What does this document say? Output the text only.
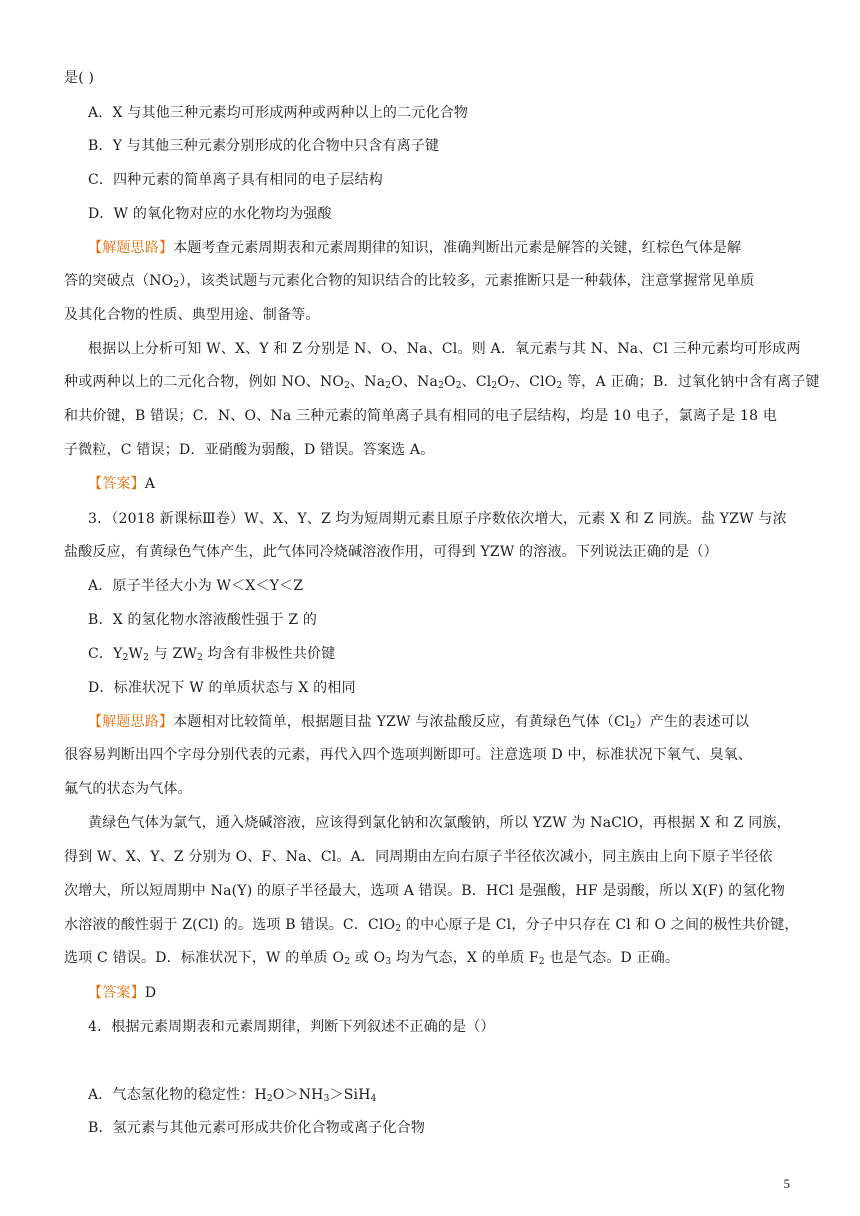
是( )
A．X 与其他三种元素均可形成两种或两种以上的二元化合物
B．Y 与其他三种元素分别形成的化合物中只含有离子键
C．四种元素的简单离子具有相同的电子层结构
D．W 的氧化物对应的水化物均为强酸
【解题思路】本题考查元素周期表和元素周期律的知识，准确判断出元素是解答的关键，红棕色气体是解
答的突破点$(NO_2)$，该类试题与元素化合物的知识结合的比较多，元素推断只是一种载体，注意掌握常见单质
及其化合物的性质、典型用途、制备等。
根据以上分析可知 W、X、Y 和 Z 分别是 N、O、Na、Cl。则 A．氧元素与其 N、Na、Cl 三种元素均可形成两
种或两种以上的二元化合物，例如 NO、$NO_2$、$Na_2O$、$Na_2O_2$、$Cl_2O_7$、ClO$_2$ 等，A 正确；B．过氧化钠中含有离子键
和共价键，B 错误；C．N、O、Na 三种元素的简单离子具有相同的电子层结构，均是 10 电子，氯离子是 18 电
子微粒，C 错误；D．亚硝酸为弱酸，D 错误。答案选 A。
【答案】A
3．（2018 新课标Ⅲ卷）W、X、Y、Z 均为短周期元素且原子序数依次增大，元素 X 和 Z 同族。盐 YZW 与浓
盐酸反应，有黄绿色气体产生，此气体同冷烧碱溶液作用，可得到 YZW 的溶液。下列说法正确的是（）
A．原子半径大小为 W＜X＜Y＜Z
B．X 的氢化物水溶液酸性强于 Z 的
C．$Y_2W_2$ 与 $ZW_2$ 均含有非极性共价键
D．标准状况下 W 的单质状态与 X 的相同
【解题思路】本题相对比较简单，根据题目盐 YZW 与浓盐酸反应，有黄绿色气体$(Cl_2)$产生的表述可以
很容易判断出四个字母分别代表的元素，再代入四个选项判断即可。注意选项 D 中，标准状况下氧气、臭氧、
氟气的状态为气体。
黄绿色气体为氯气，通入烧碱溶液，应该得到氯化钠和次氯酸钠，所以 YZW 为 NaClO，再根据 X 和 Z 同族，
得到 W、X、Y、Z 分别为 O、F、Na、Cl。A．同周期由左向右原子半径依次减小，同主族由上向下原子半径依
次增大，所以短周期中 Na(Y) 的原子半径最大，选项 A 错误。B．HCl 是强酸，HF 是弱酸，所以 X(F) 的氢化物
水溶液的酸性弱于 Z(Cl) 的。选项 B 错误。C．ClO$_2$ 的中心原子是 Cl，分子中只存在 Cl 和 O 之间的极性共价键，
选项 C 错误。D．标准状况下，W 的单质 $O_2$ 或 $O_3$ 均为气态，X 的单质 $F_2$ 也是气态。D 正确。
【答案】D
4．根据元素周期表和元素周期律，判断下列叙述不正确的是（）
A．气态氢化物的稳定性：$H_2O>NH_3>SiH_4$
B．氢元素与其他元素可形成共价化合物或离子化合物
5
